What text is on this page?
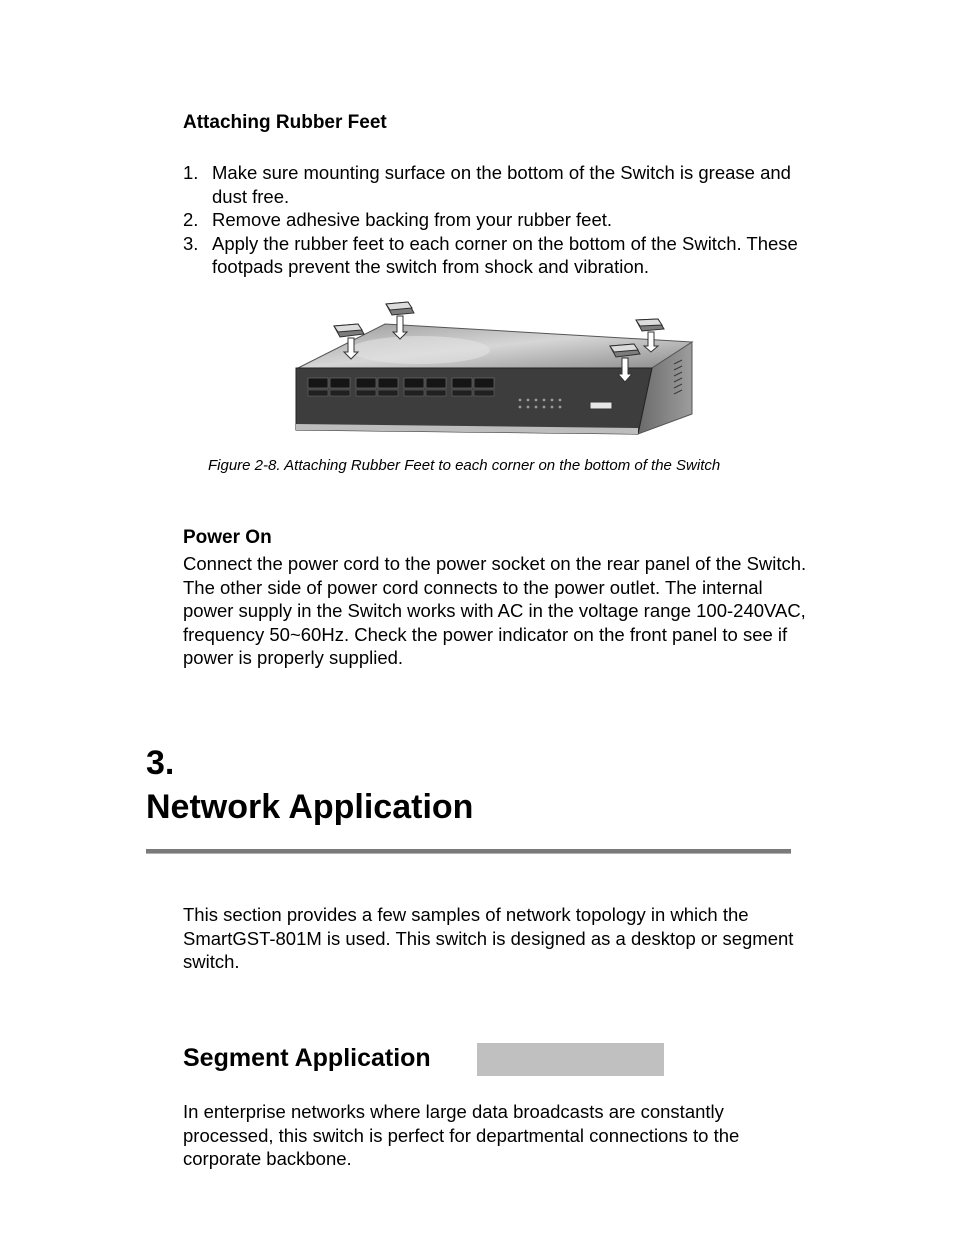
Attaching Rubber Feet
1. Make sure mounting surface on the bottom of the Switch is grease and dust free.
2. Remove adhesive backing from your rubber feet.
3. Apply the rubber feet to each corner on the bottom of the Switch. These footpads prevent the switch from shock and vibration.
Figure 2-8. Attaching Rubber Feet to each corner on the bottom of the Switch
Power On
Connect the power cord to the power socket on the rear panel of the Switch. The other side of power cord connects to the power outlet. The internal power supply in the Switch works with AC in the voltage range 100-240VAC, frequency 50~60Hz. Check the power indicator on the front panel to see if power is properly supplied.
3.
Network Application
This section provides a few samples of network topology in which the SmartGST-801M is used. This switch is designed as a desktop or segment switch.
Segment Application
In enterprise networks where large data broadcasts are constantly processed, this switch is perfect for departmental connections to the corporate backbone.
